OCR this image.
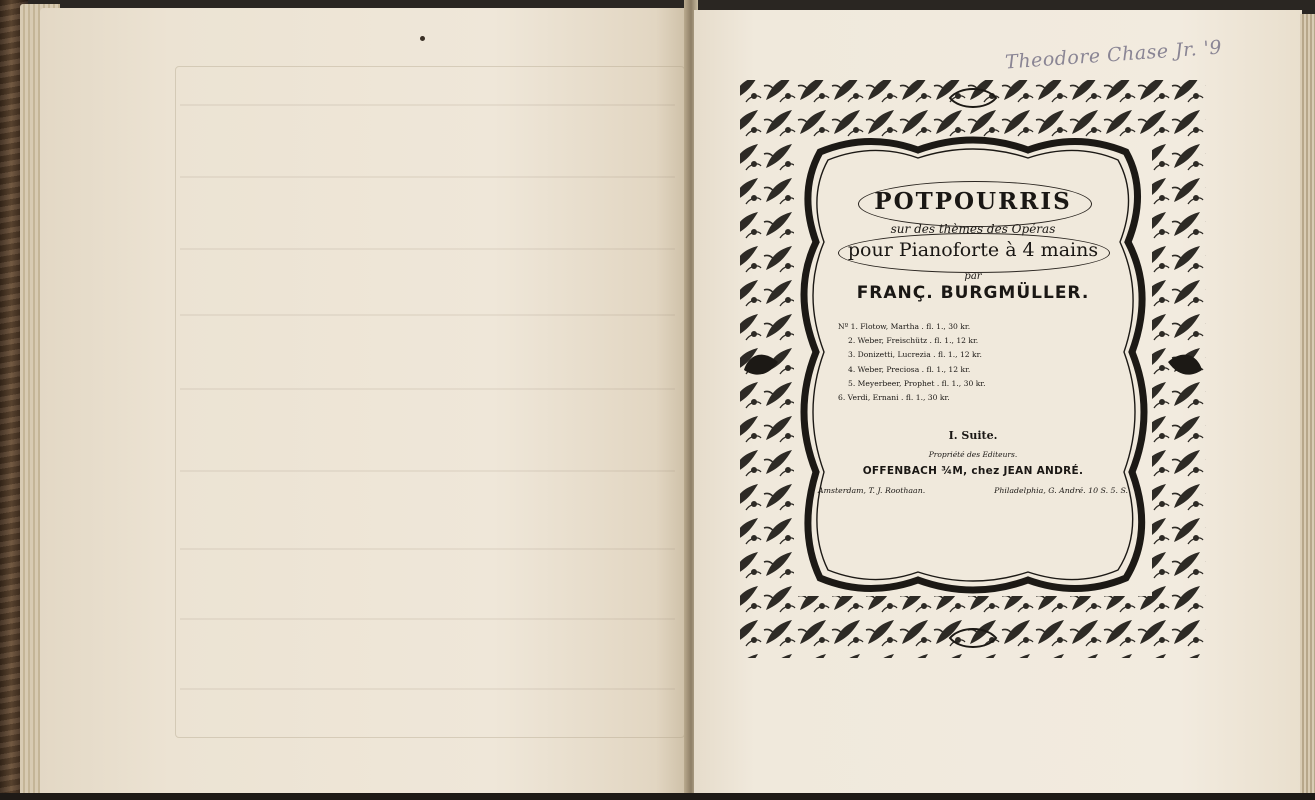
Theodore Chase Jr. '9
POTPOURRIS
sur des thèmes des Opéras
pour Pianoforte à 4 mains
par
FRANÇ. BURGMÜLLER.
Nº 1. Flotow, Martha . fl. 1., 30 kr.
2. Weber, Freischütz . fl. 1., 12 kr.
3. Donizetti, Lucrezia . fl. 1., 12 kr.
4. Weber, Preciosa . fl. 1., 12 kr.
5. Meyerbeer, Prophet . fl. 1., 30 kr.
6. Verdi, Ernani . fl. 1., 30 kr.
I. Suite.
Propriété des Editeurs.
OFFENBACH ¾M, chez JEAN ANDRÉ.
Amsterdam, T. J. Roothaan.	Philadelphia, G. André. 10 S. 5. S.
